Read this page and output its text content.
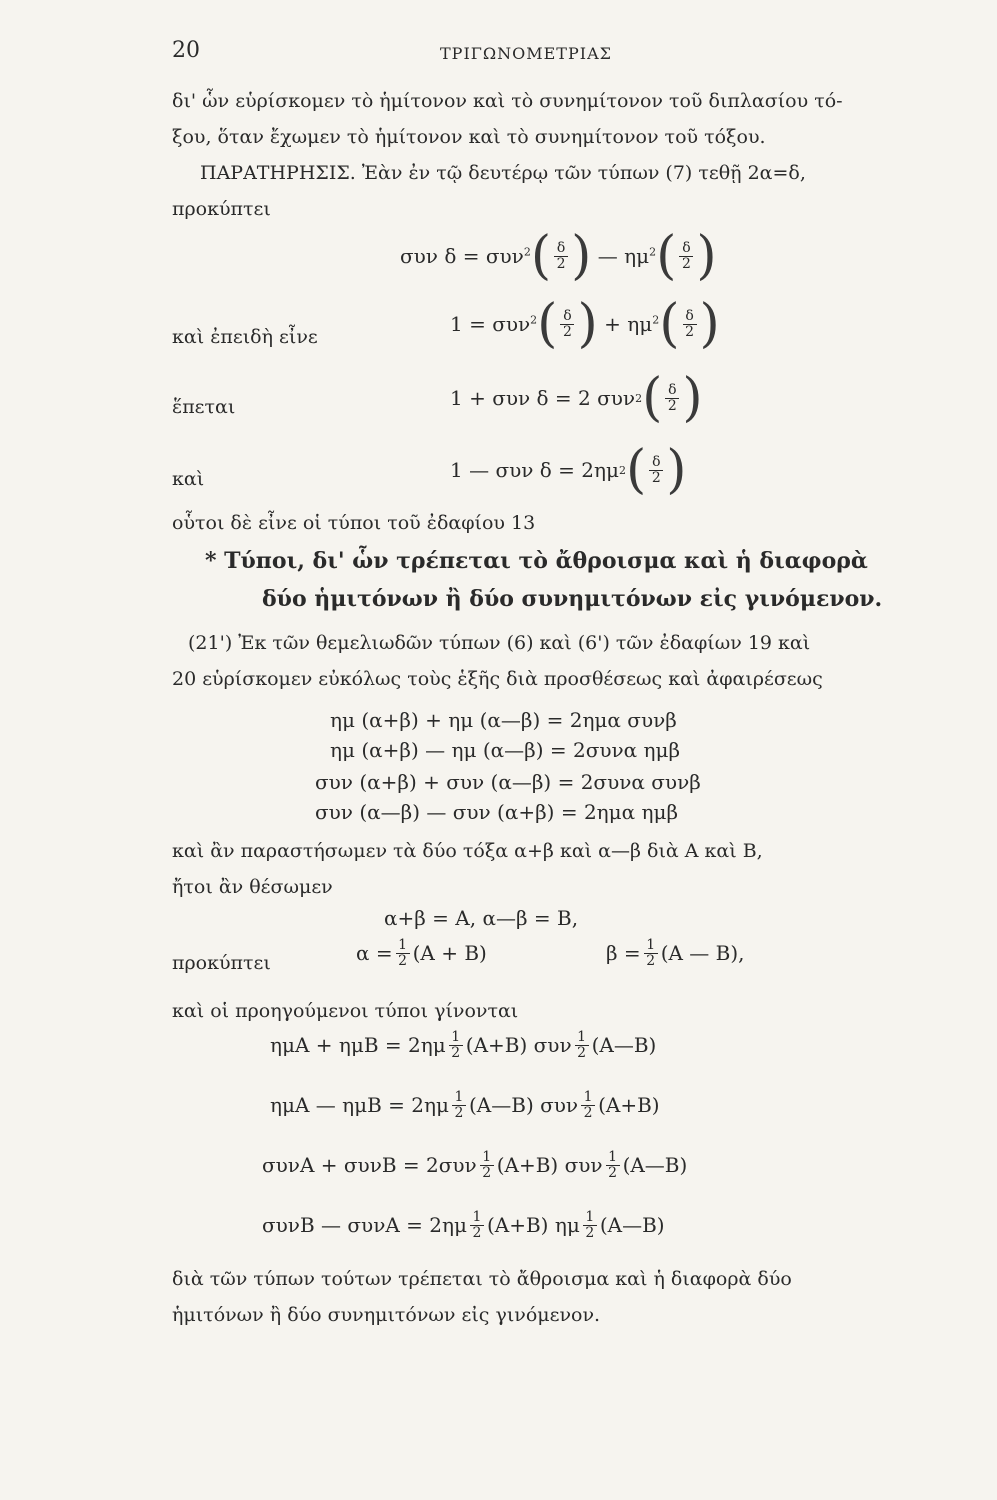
20	ΤΡΙΓΩΝΟΜΕΤΡΙΑΣ
δι' ὧν εὑρίσκομεν τὸ ἡμίτονον καὶ τὸ συνημίτονον τοῦ διπλασίου τό-
ξου, ὅταν ἔχωμεν τὸ ἡμίτονον καὶ τὸ συνημίτονον τοῦ τόξου.
ΠΑΡΑΤΗΡΗΣΙΣ. Ἐὰν ἐν τῷ δευτέρῳ τῶν τύπων (7) τεθῇ 2α=δ,
προκύπτει
συν δ =
συν$^2$ ( $\frac{\delta}{2}$ )
—
$\eta\mu^2$ ( $\frac{\delta}{2}$ )
καὶ ἐπειδὴ εἶνε
1 =
συν$^2$ ( $\frac{\delta}{2}$ )
+
$\eta\mu^2$ ( $\frac{\delta}{2}$ )
ἕπεται	1 + συν δ = 2 συν 2 ( $\frac{\delta}{2}$ )
καὶ	1 — συν δ = 2ημ 2 ( $\frac{\delta}{2}$ )
οὗτοι δὲ εἶνε οἱ τύποι τοῦ ἐδαφίου 13
* Τύποι, δι' ὧν τρέπεται τὸ ἄθροισμα καὶ ἡ διαφορὰ
δύο ἡμιτόνων ἢ δύο συνημιτόνων εἰς γινόμενον.
(21') Ἐκ τῶν θεμελιωδῶν τύπων (6) καὶ (6') τῶν ἐδαφίων 19 καὶ
20 εὑρίσκομεν εὐκόλως τοὺς ἑξῆς διὰ προσθέσεως καὶ ἀφαιρέσεως
ημ (α+β) + ημ (α—β) = 2ημα συνβ
ημ (α+β) — ημ (α—β) = 2συνα ημβ
συν (α+β) + συν (α—β) = 2συνα συνβ
συν (α—β) — συν (α+β) = 2ημα ημβ
καὶ ἂν παραστήσωμεν τὰ δύο τόξα α+β καὶ α—β διὰ Α καὶ Β,
ἤτοι ἂν θέσωμεν
α+β = Α, α—β = Β,
προκύπτει	$\alpha = \frac{1}{2} (A + B)$	$\beta = \frac{1}{2} (A$ — Β),
καὶ οἱ προηγούμενοι τύποι γίνονται
$\eta\mu A + \eta\mu B = 2\eta\mu \frac{1}{2} (A+B)$ συν $\frac{1}{2}$ (Α—Β)
ημΑ — $\eta\mu B = 2\eta\mu \frac{1}{2}$ (Α—Β) συν $\frac{1}{2} (A+B)$
$\sigma\upsilon\nu A + \sigma\upsilon\nu B = 2\sigma\upsilon\nu \frac{1}{2} (A+B)$ συν $\frac{1}{2}$ (Α—Β)
συνΒ — $\sigma\upsilon\nu A = 2\eta\mu \frac{1}{2} (A+B)$ ημ $\frac{1}{2}$ (Α—Β)
διὰ τῶν τύπων τούτων τρέπεται τὸ ἄθροισμα καὶ ἡ διαφορὰ δύο
ἡμιτόνων ἢ δύο συνημιτόνων εἰς γινόμενον.
